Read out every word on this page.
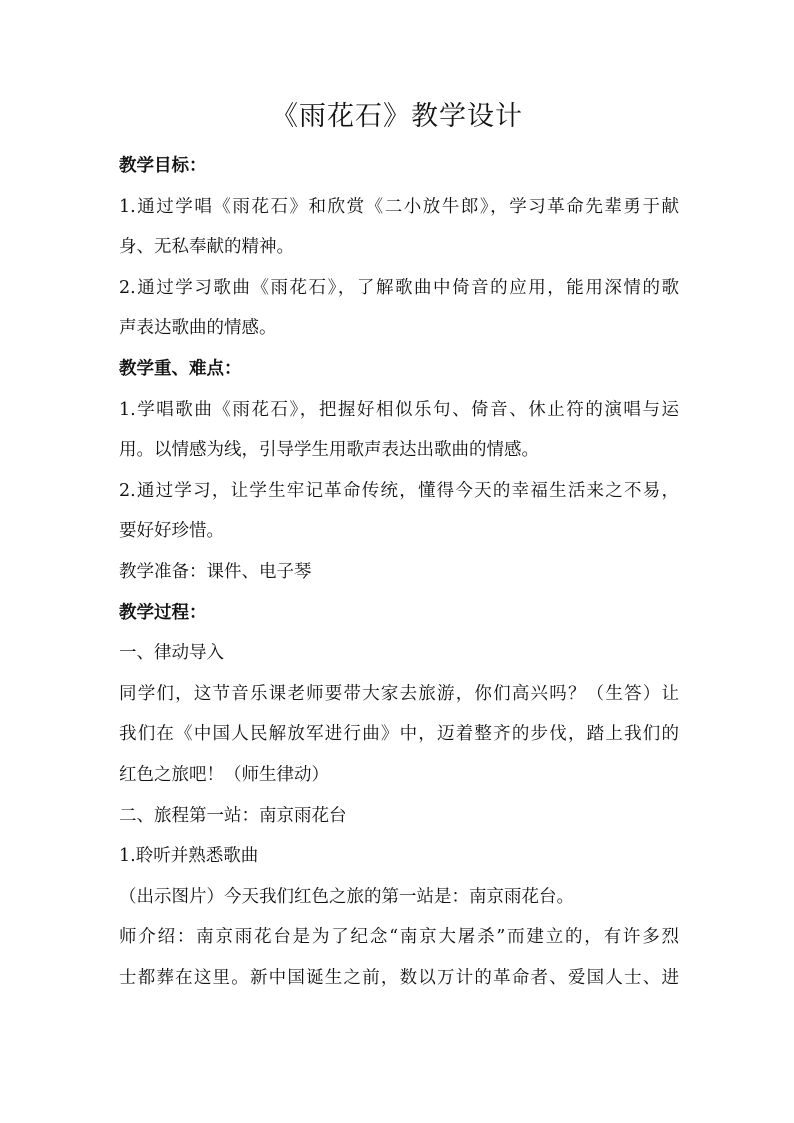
《雨花石》教学设计

教学目标：

1.通过学唱《雨花石》和欣赏《二小放牛郎》，学习革命先辈勇于献

身、无私奉献的精神。

2.通过学习歌曲《雨花石》，了解歌曲中倚音的应用，能用深情的歌

声表达歌曲的情感。

教学重、难点：

1.学唱歌曲《雨花石》，把握好相似乐句、倚音、休止符的演唱与运

用。以情感为线，引导学生用歌声表达出歌曲的情感。

2.通过学习，让学生牢记革命传统，懂得今天的幸福生活来之不易，

要好好珍惜。

教学准备：课件、电子琴

教学过程：

一、律动导入

同学们，这节音乐课老师要带大家去旅游，你们高兴吗？（生答）让

我们在《中国人民解放军进行曲》中，迈着整齐的步伐，踏上我们的

红色之旅吧！（师生律动）

二、旅程第一站：南京雨花台

1.聆听并熟悉歌曲

（出示图片）今天我们红色之旅的第一站是：南京雨花台。

师介绍：南京雨花台是为了纪念“南京大屠杀”而建立的，有许多烈

士都葬在这里。新中国诞生之前，数以万计的革命者、爱国人士、进
